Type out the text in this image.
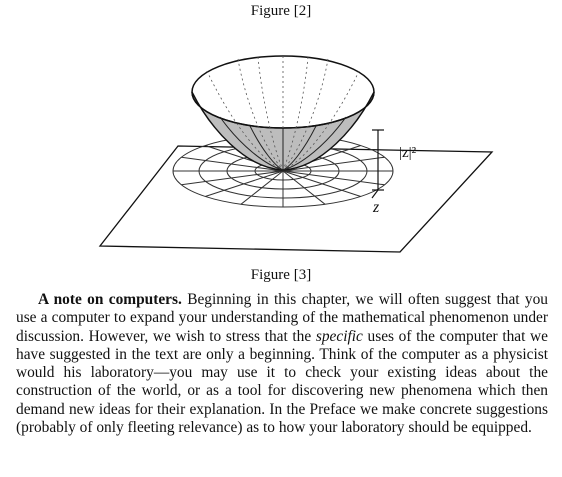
Figure [2]
|z|²
z
Figure [3]

A note on computers. Beginning in this chapter, we will often suggest that you use a computer to expand your understanding of the mathematical phenomenon under discussion. However, we wish to stress that the specific uses of the computer that we have suggested in the text are only a beginning. Think of the computer as a physicist would his laboratory—you may use it to check your existing ideas about the construction of the world, or as a tool for discovering new phenomena which then demand new ideas for their explanation. In the Preface we make concrete suggestions (probably of only fleeting relevance) as to how your laboratory should be equipped.
